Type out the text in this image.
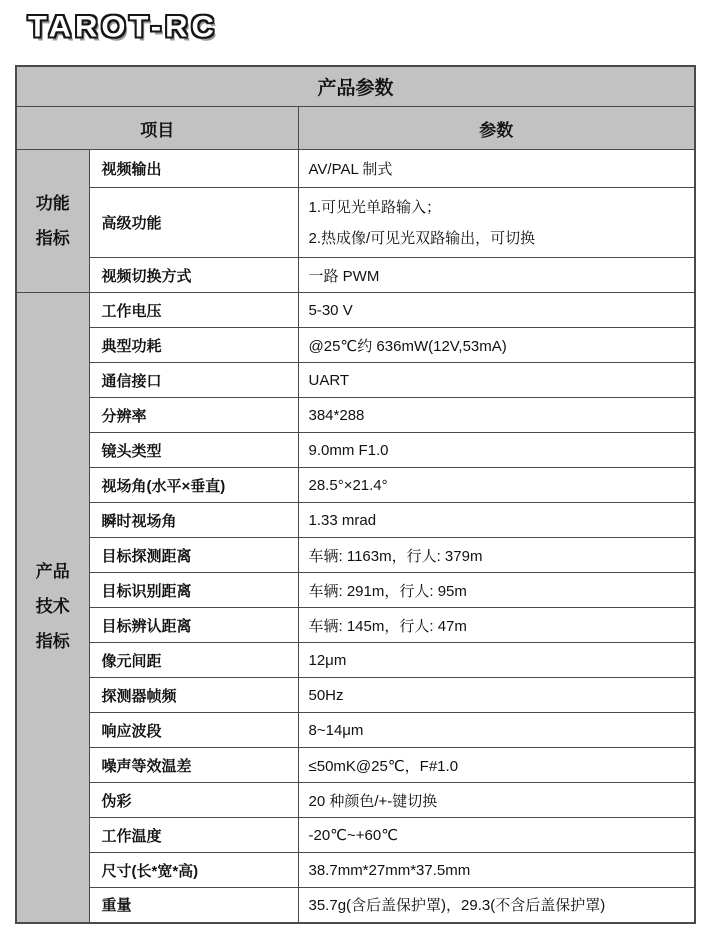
TAROT-RC
产品参数		
项目		参数

功能
指标	视频输出	AV/PAL 制式
	高级功能	1.可见光单路输入；
2.热成像/可见光双路输出，可切换

	视频切换方式	一路 PWM

产品
技术
指标	工作电压	5-30 V
	典型功耗	@25℃约 636mW(12V,53mA)
	通信接口	UART
	分辨率	384*288
	镜头类型	9.0mm F1.0
	视场角(水平×垂直)	28.5°×21.4°
	瞬时视场角	1.33 mrad
	目标探测距离	车辆: 1163m，行人: 379m
	目标识别距离	车辆: 291m，行人: 95m
	目标辨认距离	车辆: 145m，行人: 47m
	像元间距	12μm
	探测器帧频	50Hz
	响应波段	8~14μm
	噪声等效温差	≤50mK@25℃，F#1.0
	伪彩	20 种颜色/+-键切换
	工作温度	-20℃~+60℃
	尺寸(长*宽*高)	38.7mm*27mm*37.5mm
	重量	35.7g(含后盖保护罩)，29.3(不含后盖保护罩)
